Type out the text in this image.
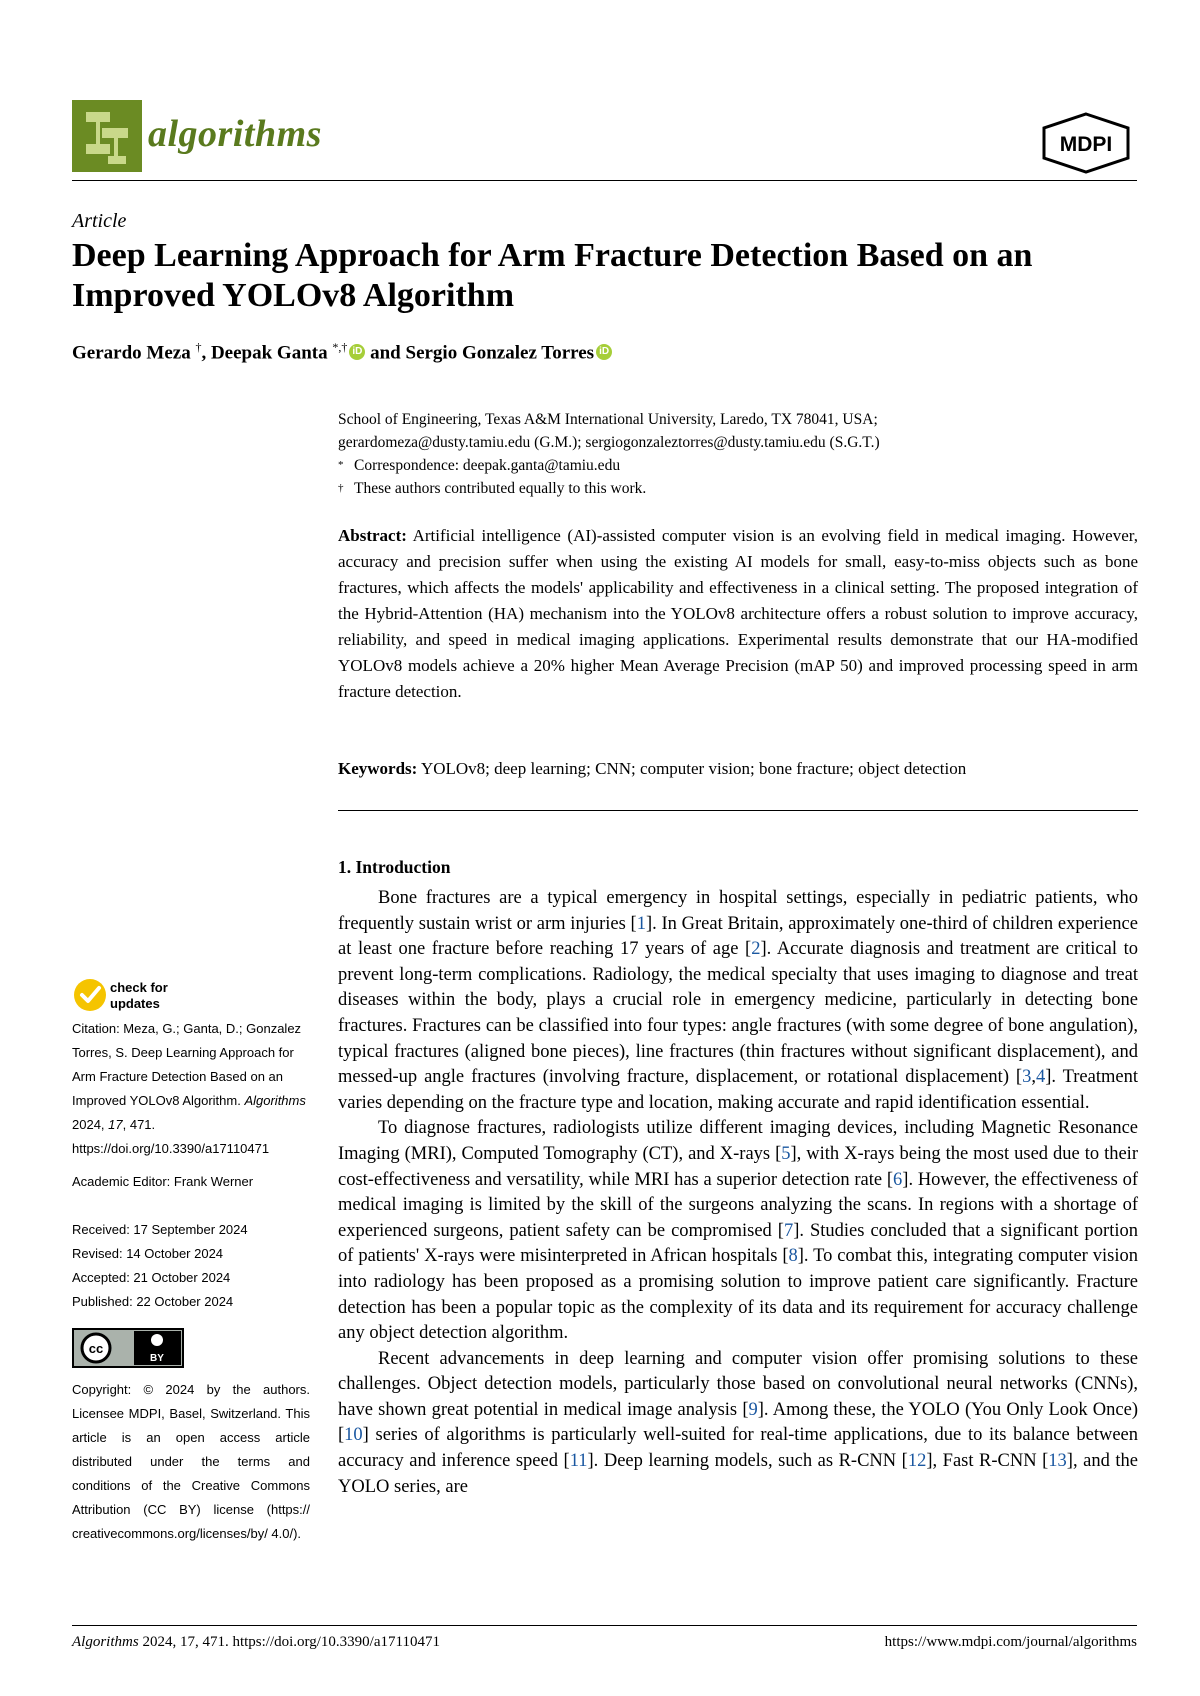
algorithms	MDPI
Article
Deep Learning Approach for Arm Fracture Detection Based on an Improved YOLOv8 Algorithm
Gerardo Meza †, Deepak Ganta *,† iD and Sergio Gonzalez Torres iD
School of Engineering, Texas A&M International University, Laredo, TX 78041, USA;
gerardomeza@dusty.tamiu.edu (G.M.); sergiogonzaleztorres@dusty.tamiu.edu (S.G.T.)
* Correspondence: deepak.ganta@tamiu.edu
† These authors contributed equally to this work.
Abstract: Artificial intelligence (AI)-assisted computer vision is an evolving field in medical imaging. However, accuracy and precision suffer when using the existing AI models for small, easy-to-miss objects such as bone fractures, which affects the models' applicability and effectiveness in a clinical setting. The proposed integration of the Hybrid-Attention (HA) mechanism into the YOLOv8 architecture offers a robust solution to improve accuracy, reliability, and speed in medical imaging applications. Experimental results demonstrate that our HA-modified YOLOv8 models achieve a 20% higher Mean Average Precision (mAP 50) and improved processing speed in arm fracture detection.
Keywords: YOLOv8; deep learning; CNN; computer vision; bone fracture; object detection
1. Introduction

Bone fractures are a typical emergency in hospital settings, especially in pediatric patients, who frequently sustain wrist or arm injuries [1]. In Great Britain, approximately one-third of children experience at least one fracture before reaching 17 years of age [2]. Accurate diagnosis and treatment are critical to prevent long-term complications. Radiology, the medical specialty that uses imaging to diagnose and treat diseases within the body, plays a crucial role in emergency medicine, particularly in detecting bone fractures. Fractures can be classified into four types: angle fractures (with some degree of bone angulation), typical fractures (aligned bone pieces), line fractures (thin fractures without significant displacement), and messed-up angle fractures (involving fracture, displacement, or rotational displacement) [3,4]. Treatment varies depending on the fracture type and location, making accurate and rapid identification essential.

To diagnose fractures, radiologists utilize different imaging devices, including Magnetic Resonance Imaging (MRI), Computed Tomography (CT), and X-rays [5], with X-rays being the most used due to their cost-effectiveness and versatility, while MRI has a superior detection rate [6]. However, the effectiveness of medical imaging is limited by the skill of the surgeons analyzing the scans. In regions with a shortage of experienced surgeons, patient safety can be compromised [7]. Studies concluded that a significant portion of patients' X-rays were misinterpreted in African hospitals [8]. To combat this, integrating computer vision into radiology has been proposed as a promising solution to improve patient care significantly. Fracture detection has been a popular topic as the complexity of its data and its requirement for accuracy challenge any object detection algorithm.

Recent advancements in deep learning and computer vision offer promising solutions to these challenges. Object detection models, particularly those based on convolutional neural networks (CNNs), have shown great potential in medical image analysis [9]. Among these, the YOLO (You Only Look Once) [10] series of algorithms is particularly well-suited for real-time applications, due to its balance between accuracy and inference speed [11]. Deep learning models, such as R-CNN [12], Fast R-CNN [13], and the YOLO series, are

check for
updates
Citation: Meza, G.; Ganta, D.; Gonzalez Torres, S. Deep Learning Approach for Arm Fracture Detection Based on an Improved YOLOv8 Algorithm. Algorithms 2024, 17, 471. https://doi.org/10.3390/a17110471
Academic Editor: Frank Werner
Received: 17 September 2024
Revised: 14 October 2024
Accepted: 21 October 2024
Published: 22 October 2024
cc
BY
Copyright: © 2024 by the authors. Licensee MDPI, Basel, Switzerland. This article is an open access article distributed under the terms and conditions of the Creative Commons Attribution (CC BY) license (https:// creativecommons.org/licenses/by/ 4.0/).
Algorithms 2024, 17, 471. https://doi.org/10.3390/a17110471	https://www.mdpi.com/journal/algorithms
